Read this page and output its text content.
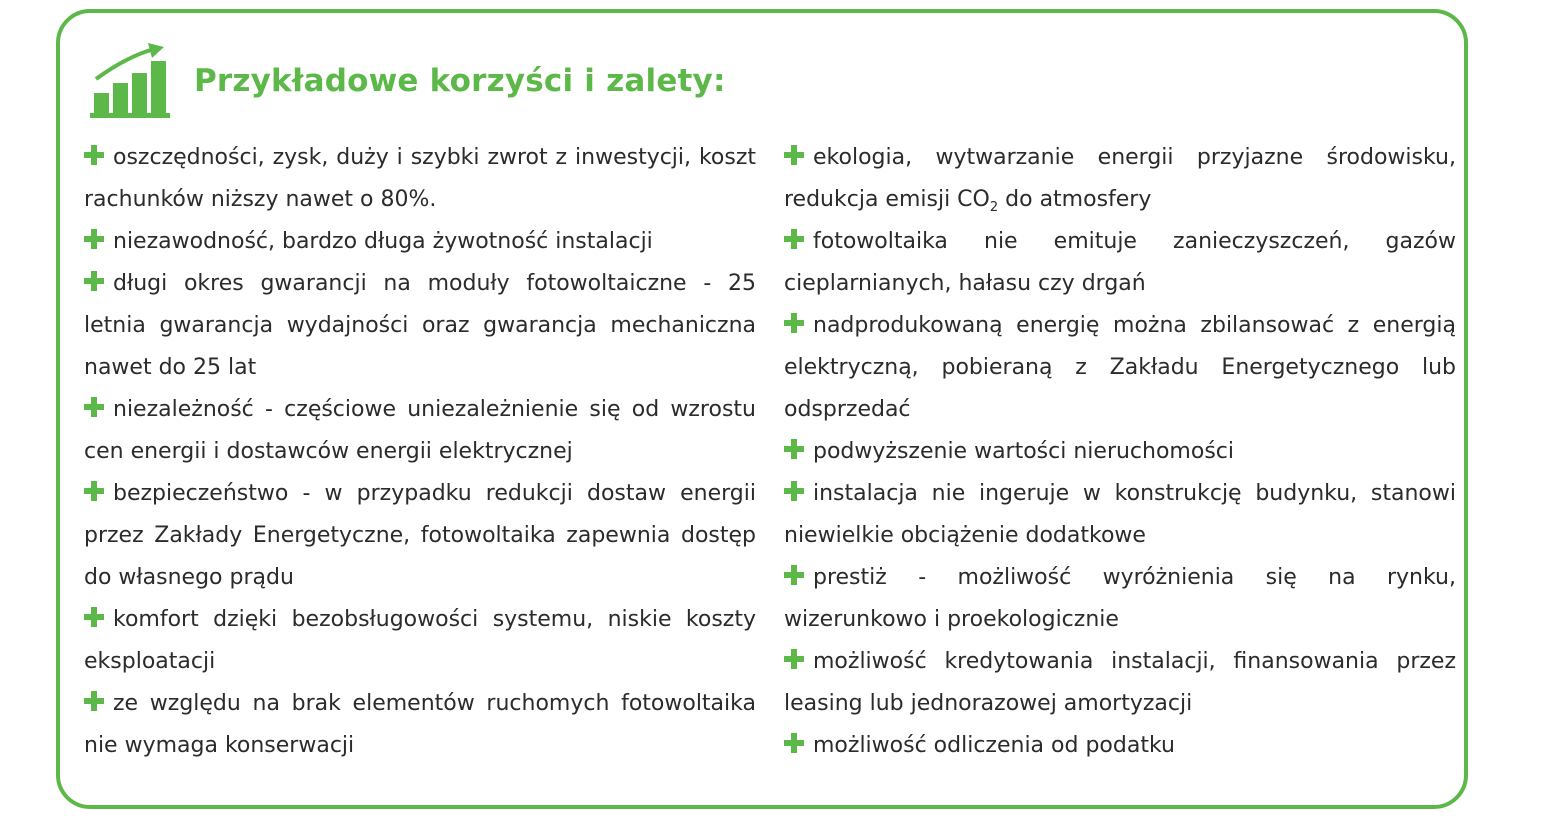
Przykładowe korzyści i zalety:

oszczędności, zysk, duży i szybki zwrot z inwestycji, koszt rachunków niższy nawet o 80%.

niezawodność, bardzo długa żywotność instalacji

długi okres gwarancji na moduły fotowoltaiczne - 25 letnia gwarancja wydajności oraz gwarancja mechaniczna nawet do 25 lat

niezależność - częściowe uniezależnienie się od wzrostu cen energii i dostawców energii elektrycznej

bezpieczeństwo - w przypadku redukcji dostaw energii przez Zakłady Energetyczne, fotowoltaika zapewnia dostęp do własnego prądu

komfort dzięki bezobsługowości systemu, niskie koszty eksploatacji

ze względu na brak elementów ruchomych fotowoltaika nie wymaga konserwacji

ekologia, wytwarzanie energii przyjazne środowisku, redukcja emisji $CO_2$ do atmosfery

fotowoltaika nie emituje zanieczyszczeń, gazów cieplarnianych, hałasu czy drgań

nadprodukowaną energię można zbilansować z energią elektryczną, pobieraną z Zakładu Energetycznego lub odsprzedać

podwyższenie wartości nieruchomości

instalacja nie ingeruje w konstrukcję budynku, stanowi niewielkie obciążenie dodatkowe

prestiż - możliwość wyróżnienia się na rynku, wizerunkowo i proekologicznie

możliwość kredytowania instalacji, finansowania przez leasing lub jednorazowej amortyzacji

możliwość odliczenia od podatku
